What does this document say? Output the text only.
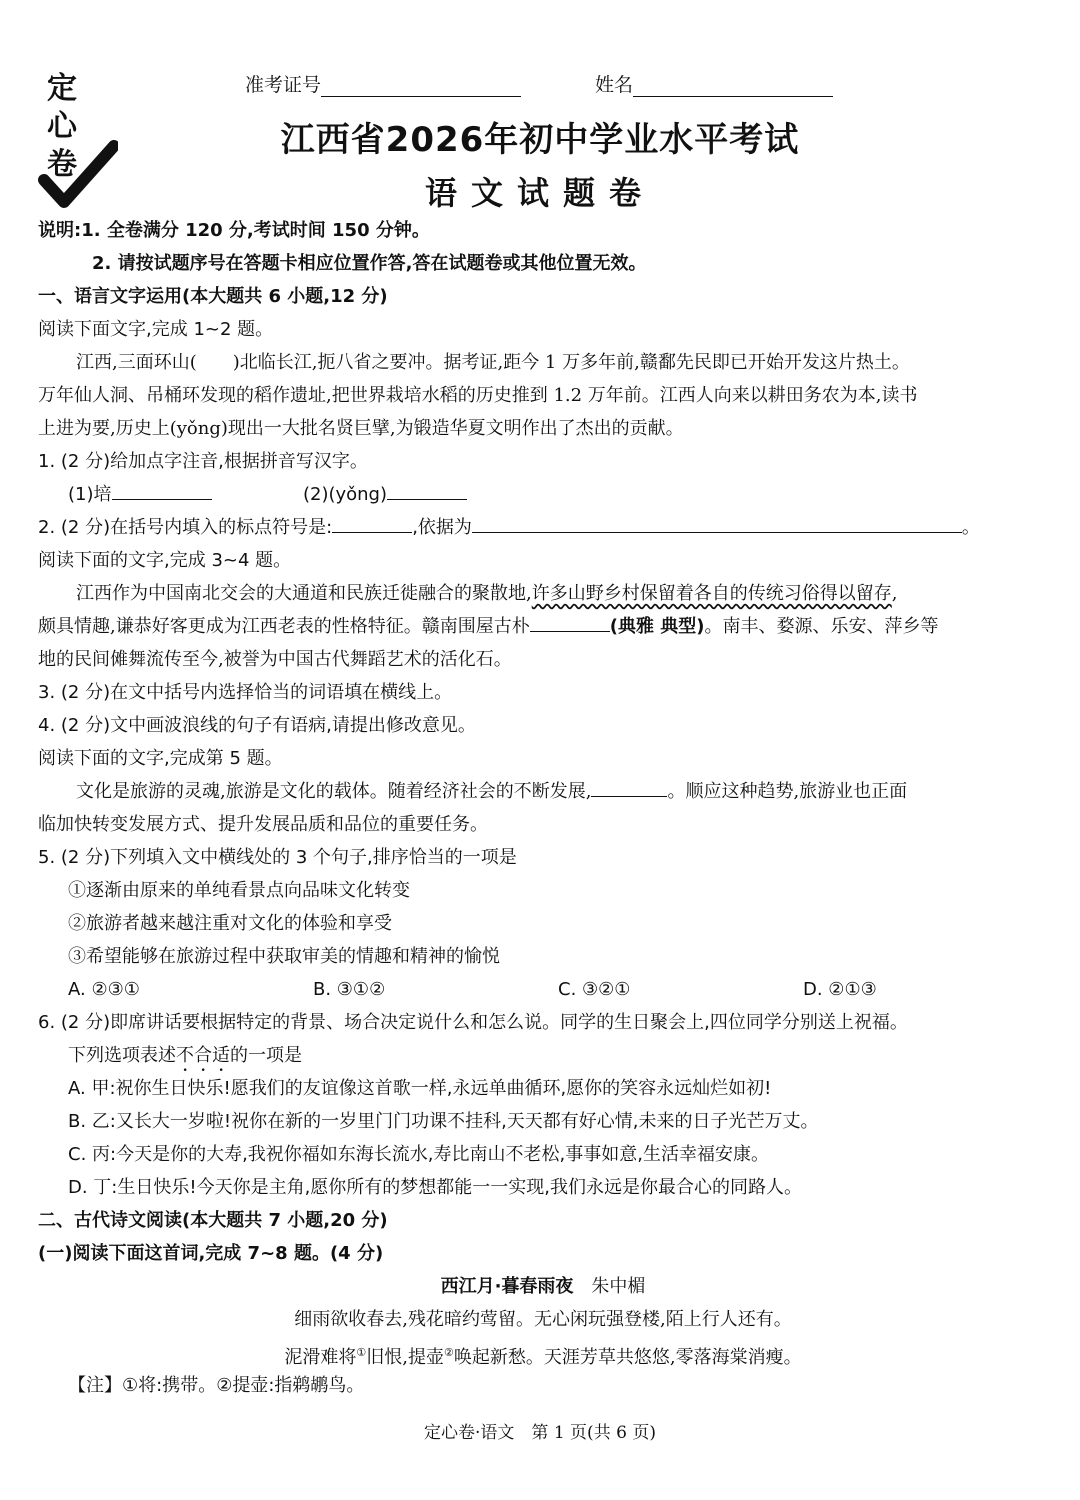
定
心
卷
准考证号	姓名
江西省2026年初中学业水平考试
语文试题卷
说明:1. 全卷满分 120 分,考试时间 150 分钟。
2. 请按试题序号在答题卡相应位置作答,答在试题卷或其他位置无效。
一、语言文字运用(本大题共 6 小题,12 分)
阅读下面文字,完成 1~2 题。
江西,三面环山(　　)北临长江,扼八省之要冲。据考证,距今 1 万多年前,赣鄱先民即已开始开发这片热土。
万年仙人洞、吊桶环发现的稻作遗址,把世界栽培水稻的历史推到 1.2 万年前。江西人向来以耕田务农为本,读书
上进为要,历史上(yǒng)现出一大批名贤巨擘,为锻造华夏文明作出了杰出的贡献。
1. (2 分)给加点字注音,根据拼音写汉字。
(1)培	(2)(yǒng)
2. (2 分)在括号内填入的标点符号是:	,依据为	。
阅读下面的文字,完成 3~4 题。
江西作为中国南北交会的大通道和民族迁徙融合的聚散地,许多山野乡村保留着各自的传统习俗得以留存,
颇具情趣,谦恭好客更成为江西老表的性格特征。赣南围屋古朴	(典雅 典型)。南丰、婺源、乐安、萍乡等
地的民间傩舞流传至今,被誉为中国古代舞蹈艺术的活化石。
3. (2 分)在文中括号内选择恰当的词语填在横线上。
4. (2 分)文中画波浪线的句子有语病,请提出修改意见。
阅读下面的文字,完成第 5 题。
文化是旅游的灵魂,旅游是文化的载体。随着经济社会的不断发展,	。顺应这种趋势,旅游业也正面
临加快转变发展方式、提升发展品质和品位的重要任务。
5. (2 分)下列填入文中横线处的 3 个句子,排序恰当的一项是
①逐渐由原来的单纯看景点向品味文化转变
②旅游者越来越注重对文化的体验和享受
③希望能够在旅游过程中获取审美的情趣和精神的愉悦
A. ②③①	B. ③①②	C. ③②①	D. ②①③
6. (2 分)即席讲话要根据特定的背景、场合决定说什么和怎么说。同学的生日聚会上,四位同学分别送上祝福。
下列选项表述不合适的一项是
A. 甲:祝你生日快乐!愿我们的友谊像这首歌一样,永远单曲循环,愿你的笑容永远灿烂如初!
B. 乙:又长大一岁啦!祝你在新的一岁里门门功课不挂科,天天都有好心情,未来的日子光芒万丈。
C. 丙:今天是你的大寿,我祝你福如东海长流水,寿比南山不老松,事事如意,生活幸福安康。
D. 丁:生日快乐!今天你是主角,愿你所有的梦想都能一一实现,我们永远是你最合心的同路人。
二、古代诗文阅读(本大题共 7 小题,20 分)
(一)阅读下面这首词,完成 7~8 题。(4 分)
西江月·暮春雨夜 朱中楣
细雨欲收春去,残花暗约莺留。无心闲玩强登楼,陌上行人还有。
泥滑难将①旧恨,提壶②唤起新愁。天涯芳草共悠悠,零落海棠消瘦。
【注】①将:携带。②提壶:指鹈鹕鸟。
定心卷·语文　第 1 页(共 6 页)
